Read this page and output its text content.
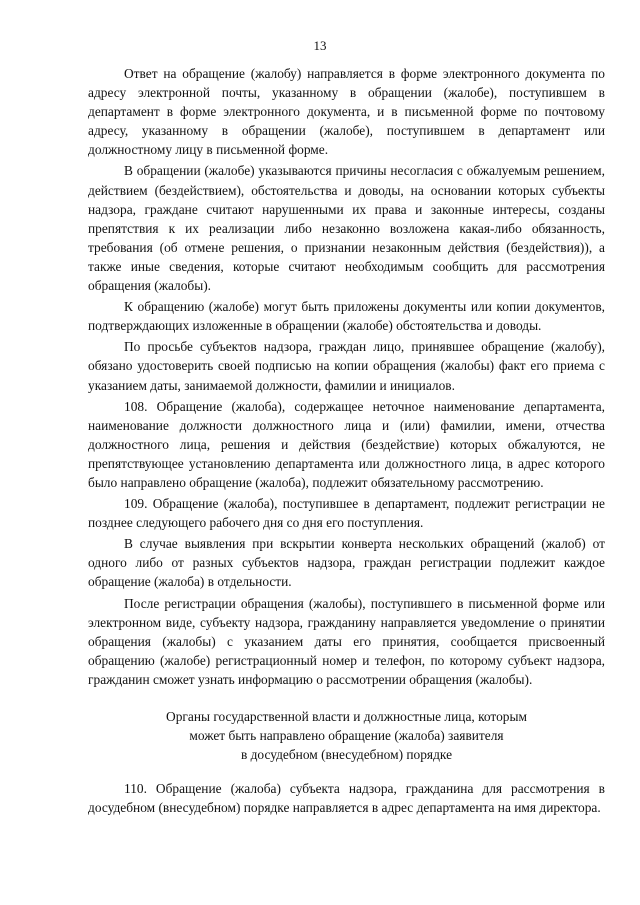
13

Ответ на обращение (жалобу) направляется в форме электронного документа по адресу электронной почты, указанному в обращении (жалобе), поступившем в департамент в форме электронного документа, и в письменной форме по почтовому адресу, указанному в обращении (жалобе), поступившем в департамент или должностному лицу в письменной форме.

В обращении (жалобе) указываются причины несогласия с обжалуемым решением, действием (бездействием), обстоятельства и доводы, на основании которых субъекты надзора, граждане считают нарушенными их права и законные интересы, созданы препятствия к их реализации либо незаконно возложена какая-либо обязанность, требования (об отмене решения, о признании незаконным действия (бездействия)), а также иные сведения, которые считают необходимым сообщить для рассмотрения обращения (жалобы).

К обращению (жалобе) могут быть приложены документы или копии документов, подтверждающих изложенные в обращении (жалобе) обстоятельства и доводы.

По просьбе субъектов надзора, граждан лицо, принявшее обращение (жалобу), обязано удостоверить своей подписью на копии обращения (жалобы) факт его приема с указанием даты, занимаемой должности, фамилии и инициалов.

108. Обращение (жалоба), содержащее неточное наименование департамента, наименование должности должностного лица и (или) фамилии, имени, отчества должностного лица, решения и действия (бездействие) которых обжалуются, не препятствующее установлению департамента или должностного лица, в адрес которого было направлено обращение (жалоба), подлежит обязательному рассмотрению.

109. Обращение (жалоба), поступившее в департамент, подлежит регистрации не позднее следующего рабочего дня со дня его поступления.

В случае выявления при вскрытии конверта нескольких обращений (жалоб) от одного либо от разных субъектов надзора, граждан регистрации подлежит каждое обращение (жалоба) в отдельности.

После регистрации обращения (жалобы), поступившего в письменной форме или электронном виде, субъекту надзора, гражданину направляется уведомление о принятии обращения (жалобы) с указанием даты его принятия, сообщается присвоенный обращению (жалобе) регистрационный номер и телефон, по которому субъект надзора, гражданин сможет узнать информацию о рассмотрении обращения (жалобы).

Органы государственной власти и должностные лица, которым
может быть направлено обращение (жалоба) заявителя
в досудебном (внесудебном) порядке

110. Обращение (жалоба) субъекта надзора, гражданина для рассмотрения в досудебном (внесудебном) порядке направляется в адрес департамента на имя директора.
